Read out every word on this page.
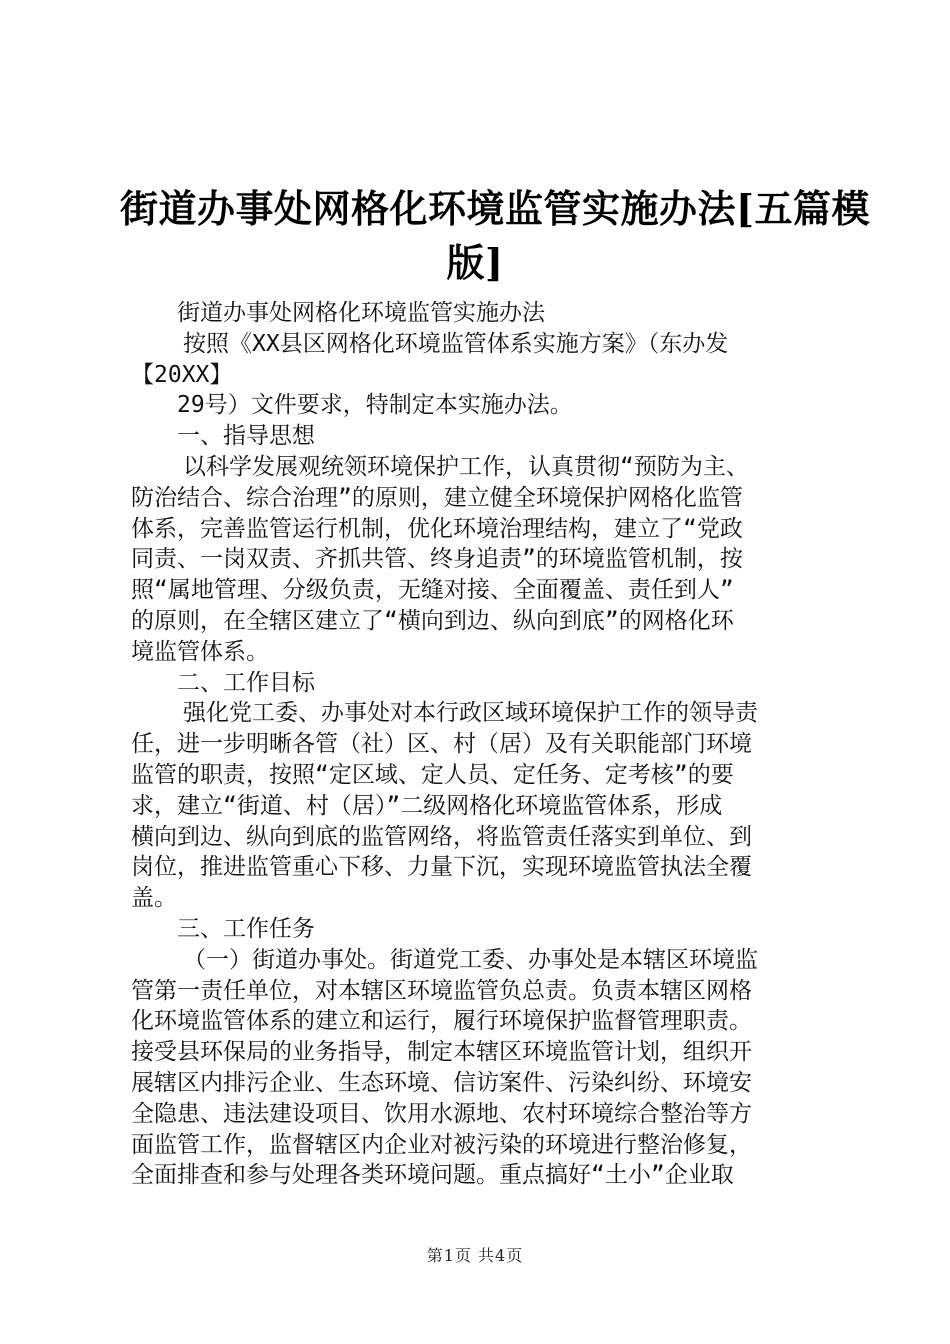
街道办事处网格化环境监管实施办法[五篇模
版]
街道办事处网格化环境监管实施办法
按照《XX县区网格化环境监管体系实施方案》（东办发
【20XX】
29号）文件要求，特制定本实施办法。
一、指导思想
以科学发展观统领环境保护工作，认真贯彻“预防为主、
防治结合、综合治理”的原则，建立健全环境保护网格化监管
体系，完善监管运行机制，优化环境治理结构，建立了“党政
同责、一岗双责、齐抓共管、终身追责”的环境监管机制，按
照“属地管理、分级负责，无缝对接、全面覆盖、责任到人”
的原则，在全辖区建立了“横向到边、纵向到底”的网格化环
境监管体系。
二、工作目标
强化党工委、办事处对本行政区域环境保护工作的领导责
任，进一步明晰各管（社）区、村（居）及有关职能部门环境
监管的职责，按照“定区域、定人员、定任务、定考核”的要
求，建立“街道、村（居）”二级网格化环境监管体系，形成
横向到边、纵向到底的监管网络，将监管责任落实到单位、到
岗位，推进监管重心下移、力量下沉，实现环境监管执法全覆
盖。
三、工作任务
（一）街道办事处。街道党工委、办事处是本辖区环境监
管第一责任单位，对本辖区环境监管负总责。负责本辖区网格
化环境监管体系的建立和运行，履行环境保护监督管理职责。
接受县环保局的业务指导，制定本辖区环境监管计划，组织开
展辖区内排污企业、生态环境、信访案件、污染纠纷、环境安
全隐患、违法建设项目、饮用水源地、农村环境综合整治等方
面监管工作，监督辖区内企业对被污染的环境进行整治修复，
全面排查和参与处理各类环境问题。重点搞好“土小”企业取
第1页 共4页
